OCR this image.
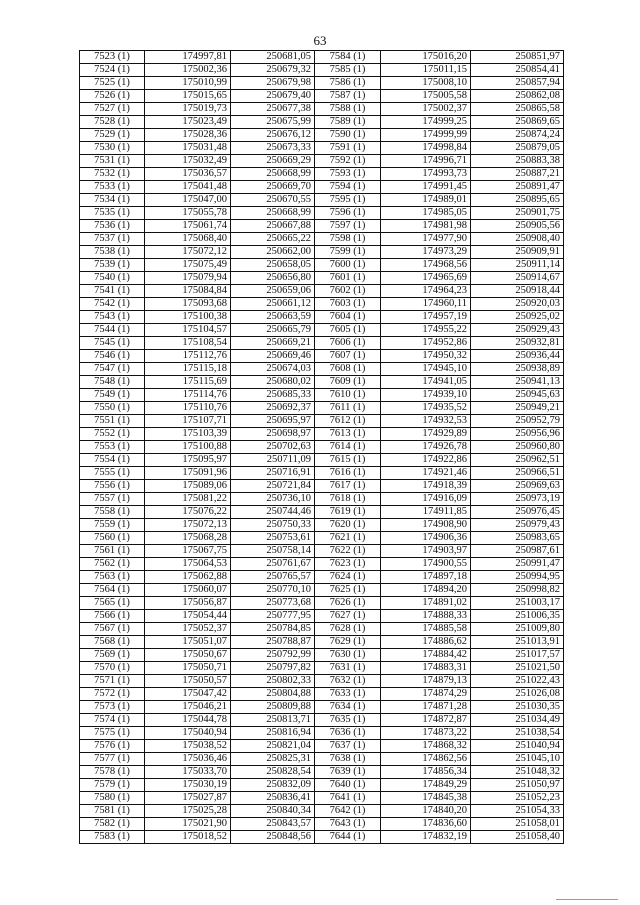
63
7523 (1)	174997,81	250681,05	7584 (1)	175016,20	250851,97
7524 (1)	175002,36	250679,32	7585 (1)	175011,15	250854,41
7525 (1)	175010,99	250679,98	7586 (1)	175008,10	250857,94
7526 (1)	175015,65	250679,40	7587 (1)	175005,58	250862,08
7527 (1)	175019,73	250677,38	7588 (1)	175002,37	250865,58
7528 (1)	175023,49	250675,99	7589 (1)	174999,25	250869,65
7529 (1)	175028,36	250676,12	7590 (1)	174999,99	250874,24
7530 (1)	175031,48	250673,33	7591 (1)	174998,84	250879,05
7531 (1)	175032,49	250669,29	7592 (1)	174996,71	250883,38
7532 (1)	175036,57	250668,99	7593 (1)	174993,73	250887,21
7533 (1)	175041,48	250669,70	7594 (1)	174991,45	250891,47
7534 (1)	175047,00	250670,55	7595 (1)	174989,01	250895,65
7535 (1)	175055,78	250668,99	7596 (1)	174985,05	250901,75
7536 (1)	175061,74	250667,88	7597 (1)	174981,98	250905,56
7537 (1)	175068,40	250665,22	7598 (1)	174977,90	250908,40
7538 (1)	175072,12	250662,00	7599 (1)	174973,29	250909,91
7539 (1)	175075,49	250658,05	7600 (1)	174968,56	250911,14
7540 (1)	175079,94	250656,80	7601 (1)	174965,69	250914,67
7541 (1)	175084,84	250659,06	7602 (1)	174964,23	250918,44
7542 (1)	175093,68	250661,12	7603 (1)	174960,11	250920,03
7543 (1)	175100,38	250663,59	7604 (1)	174957,19	250925,02
7544 (1)	175104,57	250665,79	7605 (1)	174955,22	250929,43
7545 (1)	175108,54	250669,21	7606 (1)	174952,86	250932,81
7546 (1)	175112,76	250669,46	7607 (1)	174950,32	250936,44
7547 (1)	175115,18	250674,03	7608 (1)	174945,10	250938,89
7548 (1)	175115,69	250680,02	7609 (1)	174941,05	250941,13
7549 (1)	175114,76	250685,33	7610 (1)	174939,10	250945,63
7550 (1)	175110,76	250692,37	7611 (1)	174935,52	250949,21
7551 (1)	175107,71	250695,97	7612 (1)	174932,53	250952,79
7552 (1)	175103,39	250698,97	7613 (1)	174929,89	250956,96
7553 (1)	175100,88	250702,63	7614 (1)	174926,78	250960,80
7554 (1)	175095,97	250711,09	7615 (1)	174922,86	250962,51
7555 (1)	175091,96	250716,91	7616 (1)	174921,46	250966,51
7556 (1)	175089,06	250721,84	7617 (1)	174918,39	250969,63
7557 (1)	175081,22	250736,10	7618 (1)	174916,09	250973,19
7558 (1)	175076,22	250744,46	7619 (1)	174911,85	250976,45
7559 (1)	175072,13	250750,33	7620 (1)	174908,90	250979,43
7560 (1)	175068,28	250753,61	7621 (1)	174906,36	250983,65
7561 (1)	175067,75	250758,14	7622 (1)	174903,97	250987,61
7562 (1)	175064,53	250761,67	7623 (1)	174900,55	250991,47
7563 (1)	175062,88	250765,57	7624 (1)	174897,18	250994,95
7564 (1)	175060,07	250770,10	7625 (1)	174894,20	250998,82
7565 (1)	175056,87	250773,68	7626 (1)	174891,02	251003,17
7566 (1)	175054,44	250777,95	7627 (1)	174888,33	251006,35
7567 (1)	175052,37	250784,85	7628 (1)	174885,58	251009,80
7568 (1)	175051,07	250788,87	7629 (1)	174886,62	251013,91
7569 (1)	175050,67	250792,99	7630 (1)	174884,42	251017,57
7570 (1)	175050,71	250797,82	7631 (1)	174883,31	251021,50
7571 (1)	175050,57	250802,33	7632 (1)	174879,13	251022,43
7572 (1)	175047,42	250804,88	7633 (1)	174874,29	251026,08
7573 (1)	175046,21	250809,88	7634 (1)	174871,28	251030,35
7574 (1)	175044,78	250813,71	7635 (1)	174872,87	251034,49
7575 (1)	175040,94	250816,94	7636 (1)	174873,22	251038,54
7576 (1)	175038,52	250821,04	7637 (1)	174868,32	251040,94
7577 (1)	175036,46	250825,31	7638 (1)	174862,56	251045,10
7578 (1)	175033,70	250828,54	7639 (1)	174856,34	251048,32
7579 (1)	175030,19	250832,09	7640 (1)	174849,29	251050,97
7580 (1)	175027,87	250836,41	7641 (1)	174845,38	251052,23
7581 (1)	175025,28	250840,34	7642 (1)	174840,20	251054,33
7582 (1)	175021,90	250843,57	7643 (1)	174836,60	251058,01
7583 (1)	175018,52	250848,56	7644 (1)	174832,19	251058,40
